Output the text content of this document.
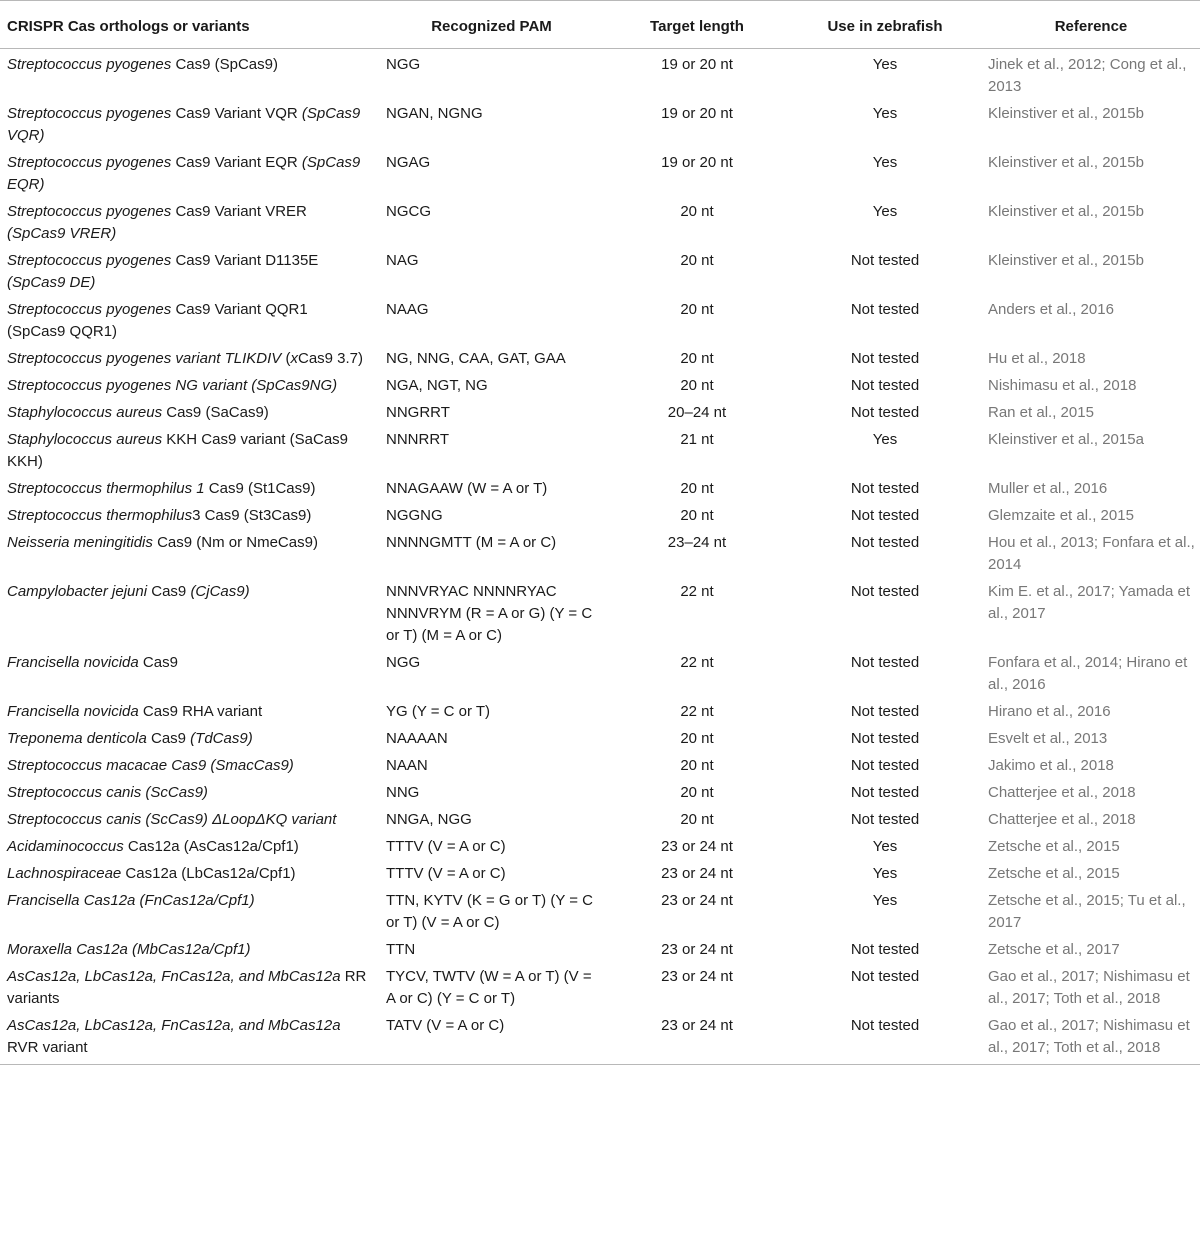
CRISPR Cas orthologs or variants	Recognized PAM	Target length	Use in zebrafish	Reference
Streptococcus pyogenes Cas9 (SpCas9)	NGG	19 or 20 nt	Yes	Jinek et al., 2012; Cong et al., 2013
Streptococcus pyogenes Cas9 Variant VQR (SpCas9 VQR)	NGAN, NGNG	19 or 20 nt	Yes	Kleinstiver et al., 2015b
Streptococcus pyogenes Cas9 Variant EQR (SpCas9 EQR)	NGAG	19 or 20 nt	Yes	Kleinstiver et al., 2015b
Streptococcus pyogenes Cas9 Variant VRER (SpCas9 VRER)	NGCG	20 nt	Yes	Kleinstiver et al., 2015b
Streptococcus pyogenes Cas9 Variant D1135E (SpCas9 DE)	NAG	20 nt	Not tested	Kleinstiver et al., 2015b
Streptococcus pyogenes Cas9 Variant QQR1 (SpCas9 QQR1)	NAAG	20 nt	Not tested	Anders et al., 2016
Streptococcus pyogenes variant TLIKDIV (xCas9 3.7)	NG, NNG, CAA, GAT, GAA	20 nt	Not tested	Hu et al., 2018
Streptococcus pyogenes NG variant (SpCas9NG)	NGA, NGT, NG	20 nt	Not tested	Nishimasu et al., 2018
Staphylococcus aureus Cas9 (SaCas9)	NNGRRT	20–24 nt	Not tested	Ran et al., 2015
Staphylococcus aureus KKH Cas9 variant (SaCas9 KKH)	NNNRRT	21 nt	Yes	Kleinstiver et al., 2015a
Streptococcus thermophilus 1 Cas9 (St1Cas9)	NNAGAAW (W = A or T)	20 nt	Not tested	Muller et al., 2016
Streptococcus thermophilus3 Cas9 (St3Cas9)	NGGNG	20 nt	Not tested	Glemzaite et al., 2015
Neisseria meningitidis Cas9 (Nm or NmeCas9)	NNNNGMTT (M = A or C)	23–24 nt	Not tested	Hou et al., 2013; Fonfara et al., 2014
Campylobacter jejuni Cas9 (CjCas9)	NNNVRYAC NNNNRYAC NNNVRYM (R = A or G) (Y = C or T) (M = A or C)	22 nt	Not tested	Kim E. et al., 2017; Yamada et al., 2017
Francisella novicida Cas9	NGG	22 nt	Not tested	Fonfara et al., 2014; Hirano et al., 2016
Francisella novicida Cas9 RHA variant	YG (Y = C or T)	22 nt	Not tested	Hirano et al., 2016
Treponema denticola Cas9 (TdCas9)	NAAAAN	20 nt	Not tested	Esvelt et al., 2013
Streptococcus macacae Cas9 (SmacCas9)	NAAN	20 nt	Not tested	Jakimo et al., 2018
Streptococcus canis (ScCas9)	NNG	20 nt	Not tested	Chatterjee et al., 2018
Streptococcus canis (ScCas9) ΔLoopΔKQ variant	NNGA, NGG	20 nt	Not tested	Chatterjee et al., 2018
Acidaminococcus Cas12a (AsCas12a/Cpf1)	TTTV (V = A or C)	23 or 24 nt	Yes	Zetsche et al., 2015
Lachnospiraceae Cas12a (LbCas12a/Cpf1)	TTTV (V = A or C)	23 or 24 nt	Yes	Zetsche et al., 2015
Francisella Cas12a (FnCas12a/Cpf1)	TTN, KYTV (K = G or T) (Y = C or T) (V = A or C)	23 or 24 nt	Yes	Zetsche et al., 2015; Tu et al., 2017
Moraxella Cas12a (MbCas12a/Cpf1)	TTN	23 or 24 nt	Not tested	Zetsche et al., 2017
AsCas12a, LbCas12a, FnCas12a, and MbCas12a RR variants	TYCV, TWTV (W = A or T) (V = A or C) (Y = C or T)	23 or 24 nt	Not tested	Gao et al., 2017; Nishimasu et al., 2017; Toth et al., 2018
AsCas12a, LbCas12a, FnCas12a, and MbCas12a RVR variant	TATV (V = A or C)	23 or 24 nt	Not tested	Gao et al., 2017; Nishimasu et al., 2017; Toth et al., 2018
